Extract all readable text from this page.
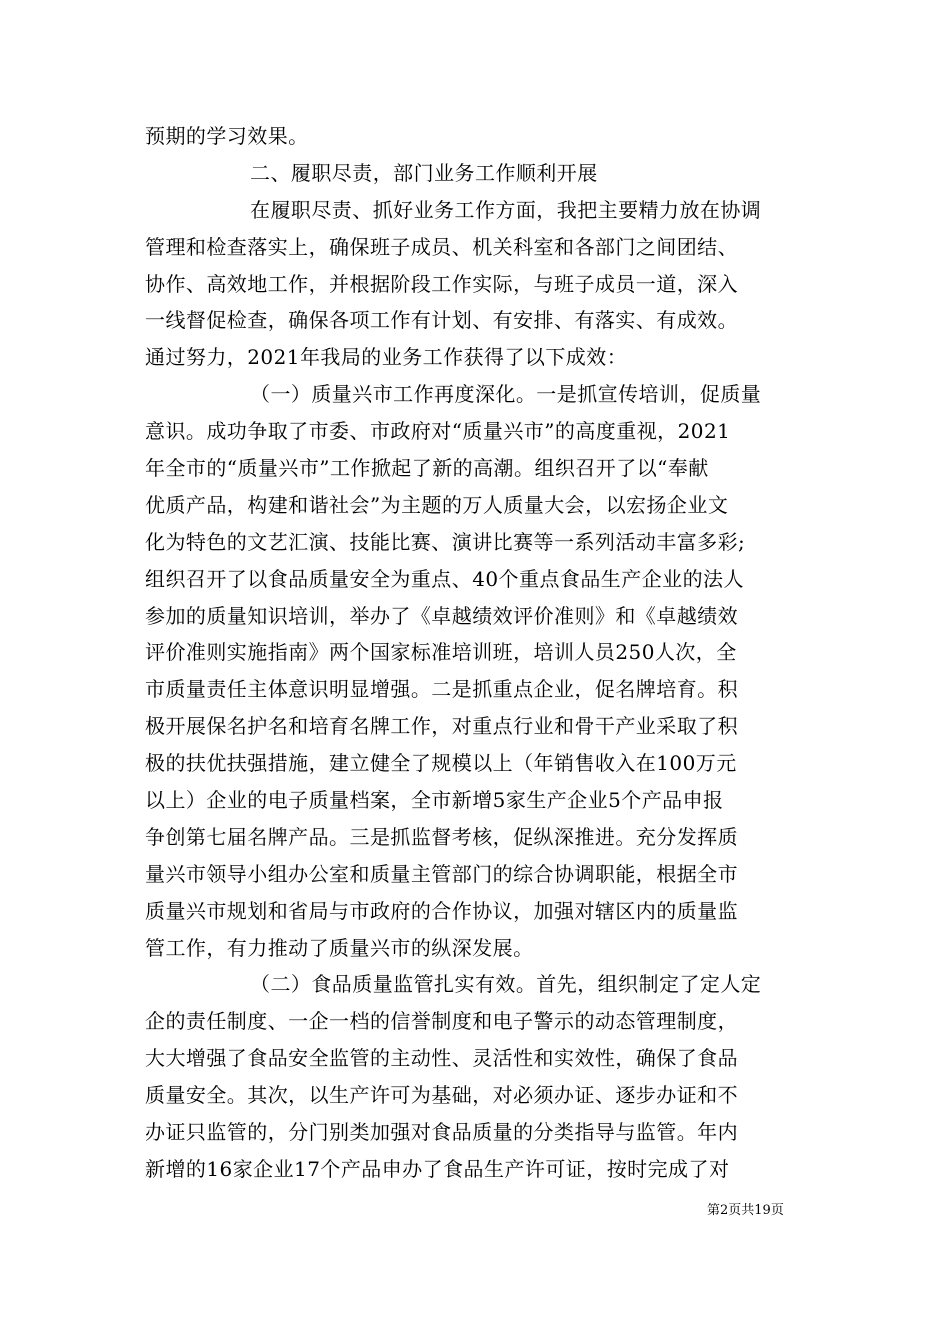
预期的学习效果。
二、履职尽责，部门业务工作顺利开展
在履职尽责、抓好业务工作方面，我把主要精力放在协调
管理和检查落实上，确保班子成员、机关科室和各部门之间团结、
协作、高效地工作，并根据阶段工作实际，与班子成员一道，深入
一线督促检查，确保各项工作有计划、有安排、有落实、有成效。
通过努力，2021年我局的业务工作获得了以下成效：
（一）质量兴市工作再度深化。一是抓宣传培训，促质量
意识。成功争取了市委、市政府对“质量兴市”的高度重视，2021
年全市的“质量兴市”工作掀起了新的高潮。组织召开了以“奉献
优质产品，构建和谐社会”为主题的万人质量大会，以宏扬企业文
化为特色的文艺汇演、技能比赛、演讲比赛等一系列活动丰富多彩;
组织召开了以食品质量安全为重点、40个重点食品生产企业的法人
参加的质量知识培训，举办了《卓越绩效评价准则》和《卓越绩效
评价准则实施指南》两个国家标准培训班，培训人员250人次，全
市质量责任主体意识明显增强。二是抓重点企业，促名牌培育。积
极开展保名护名和培育名牌工作，对重点行业和骨干产业采取了积
极的扶优扶强措施，建立健全了规模以上（年销售收入在100万元
以上）企业的电子质量档案，全市新增5家生产企业5个产品申报
争创第七届名牌产品。三是抓监督考核，促纵深推进。充分发挥质
量兴市领导小组办公室和质量主管部门的综合协调职能，根据全市
质量兴市规划和省局与市政府的合作协议，加强对辖区内的质量监
管工作，有力推动了质量兴市的纵深发展。
（二）食品质量监管扎实有效。首先，组织制定了定人定
企的责任制度、一企一档的信誉制度和电子警示的动态管理制度，
大大增强了食品安全监管的主动性、灵活性和实效性，确保了食品
质量安全。其次，以生产许可为基础，对必须办证、逐步办证和不
办证只监管的，分门别类加强对食品质量的分类指导与监管。年内
新增的16家企业17个产品申办了食品生产许可证，按时完成了对
第2页共19页
